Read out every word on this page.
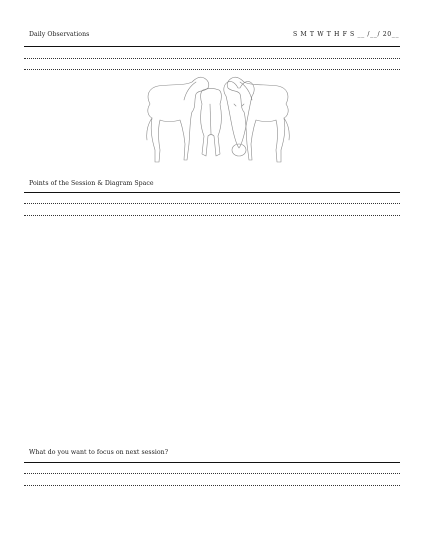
Daily Observations	S M T W T H F S __ /__/ 20__
Points of the Session & Diagram Space
What do you want to focus on next session?
